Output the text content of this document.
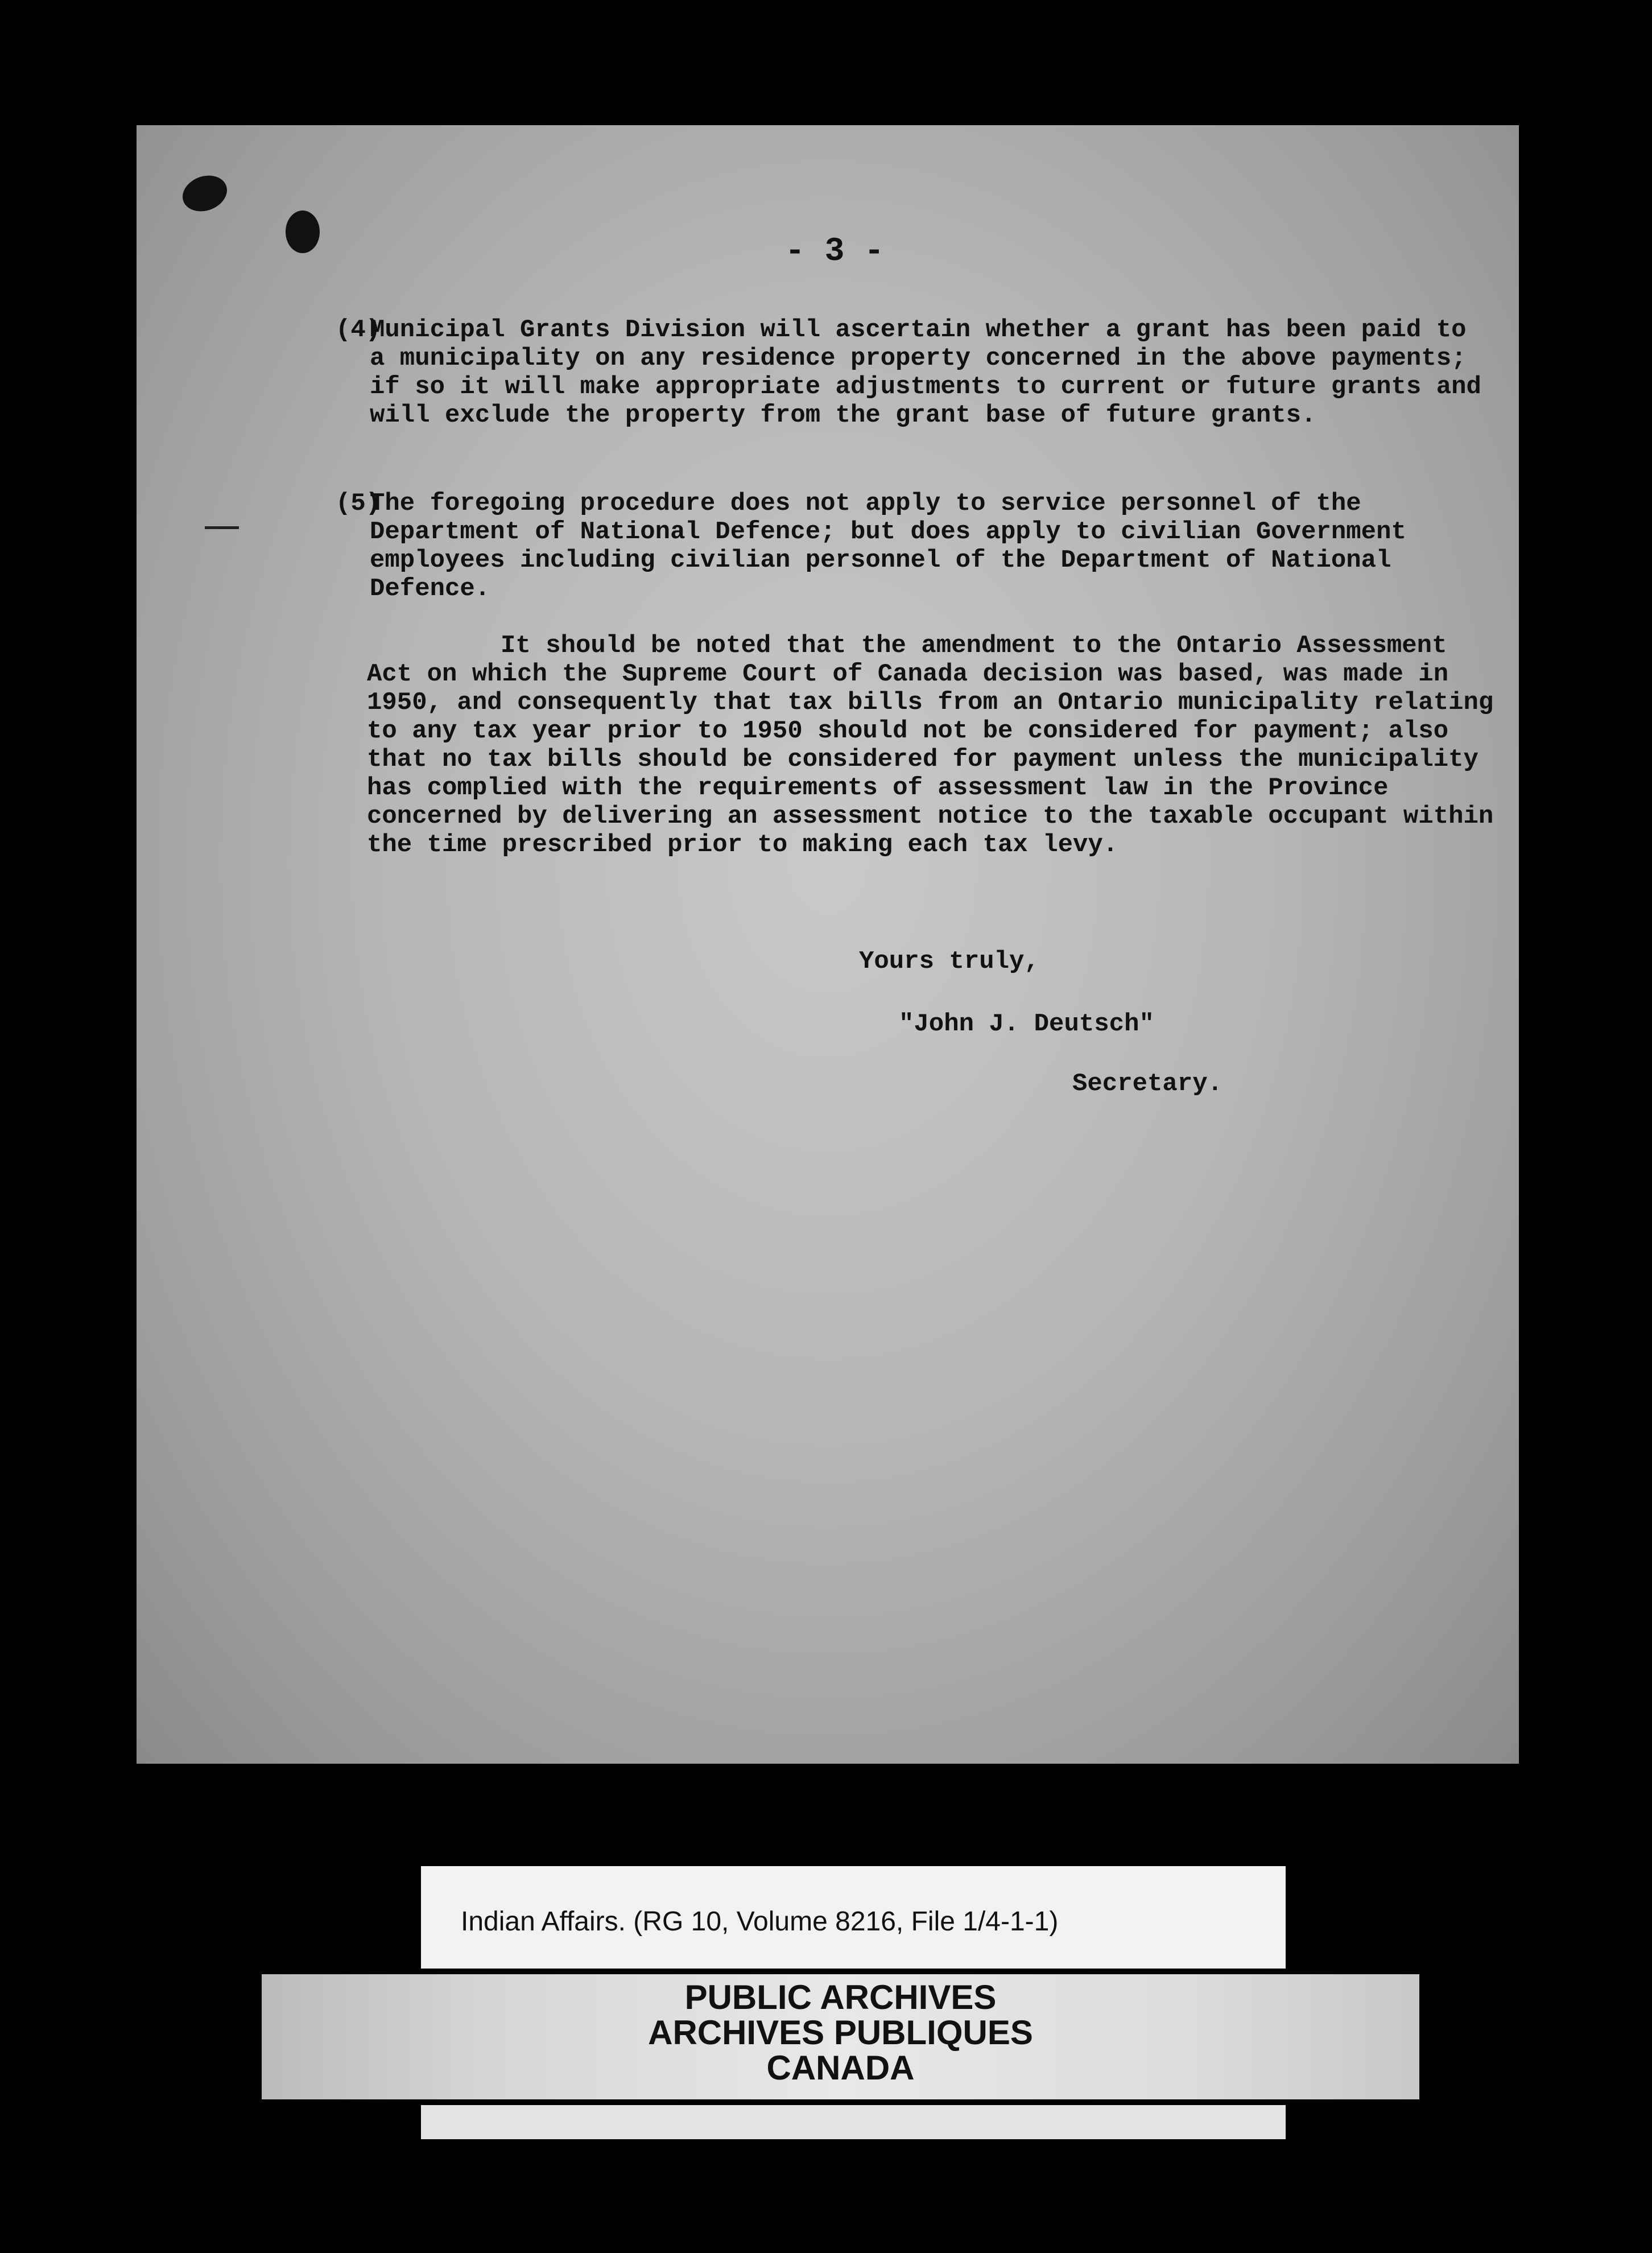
- 3 -
(4)
Municipal Grants Division will ascertain whether a grant has been paid to a municipality on any residence property concerned in the above payments; if so it will make appropriate adjustments to current or future grants and will exclude the property from the grant base of future grants.
(5)
The foregoing procedure does not apply to service personnel of the Department of National Defence; but does apply to civilian Government employees including civilian personnel of the Department of National Defence.
It should be noted that the amendment to the Ontario Assessment Act on which the Supreme Court of Canada decision was based, was made in 1950, and consequently that tax bills from an Ontario municipality relating to any tax year prior to 1950 should not be considered for payment; also that no tax bills should be considered for payment unless the municipality has complied with the requirements of assessment law in the Province concerned by delivering an assessment notice to the taxable occupant within the time prescribed prior to making each tax levy.
Yours truly,
"John J. Deutsch"
Secretary.
Indian Affairs. (RG 10, Volume 8216, File 1/4-1-1)
PUBLIC ARCHIVES
ARCHIVES PUBLIQUES
CANADA
